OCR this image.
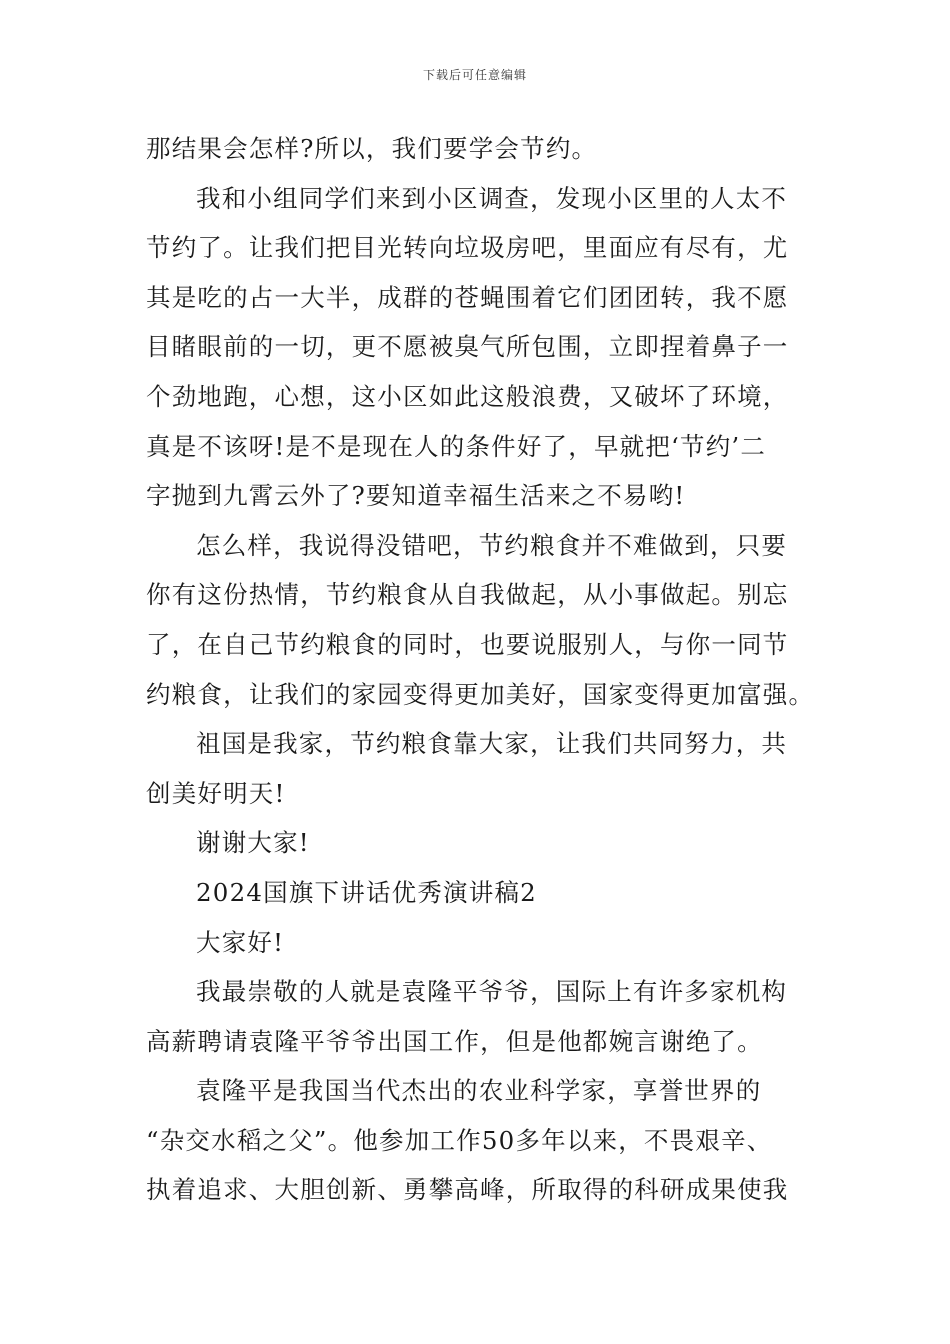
下载后可任意编辑
那结果会怎样?所以，我们要学会节约。
我和小组同学们来到小区调查，发现小区里的人太不
节约了。让我们把目光转向垃圾房吧，里面应有尽有，尤
其是吃的占一大半，成群的苍蝇围着它们团团转，我不愿
目睹眼前的一切，更不愿被臭气所包围，立即捏着鼻子一
个劲地跑，心想，这小区如此这般浪费，又破坏了环境，
真是不该呀!是不是现在人的条件好了，早就把‘节约’二
字抛到九霄云外了?要知道幸福生活来之不易哟!
怎么样，我说得没错吧，节约粮食并不难做到，只要
你有这份热情，节约粮食从自我做起，从小事做起。别忘
了，在自己节约粮食的同时，也要说服别人，与你一同节
约粮食，让我们的家园变得更加美好，国家变得更加富强。
祖国是我家，节约粮食靠大家，让我们共同努力，共
创美好明天!
谢谢大家!
2024国旗下讲话优秀演讲稿2
大家好!
我最崇敬的人就是袁隆平爷爷，国际上有许多家机构
高薪聘请袁隆平爷爷出国工作，但是他都婉言谢绝了。
袁隆平是我国当代杰出的农业科学家，享誉世界的
“杂交水稻之父”。他参加工作50多年以来，不畏艰辛、
执着追求、大胆创新、勇攀高峰，所取得的科研成果使我
